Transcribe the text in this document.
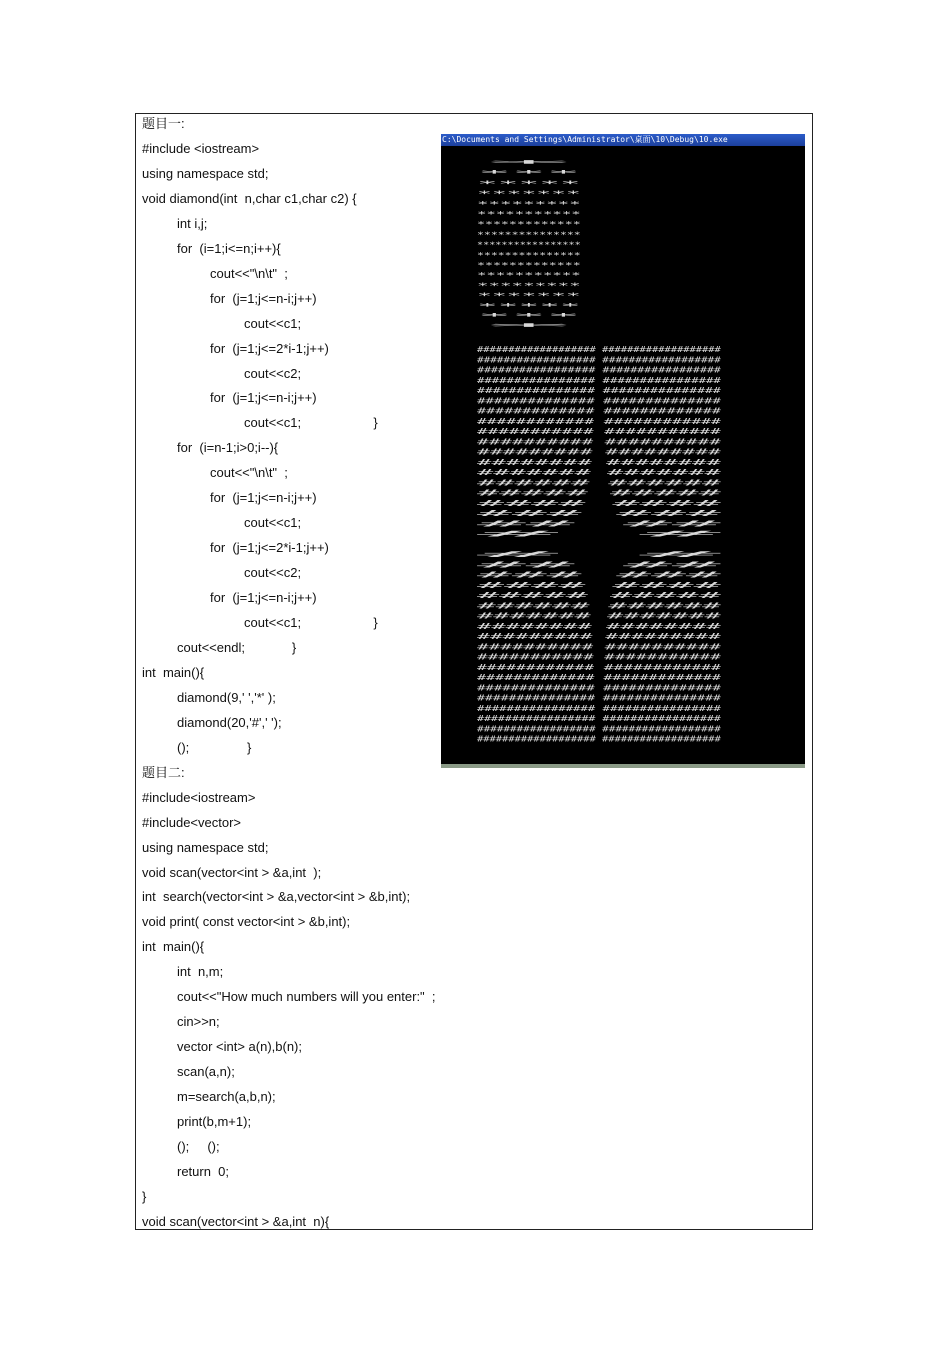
题目一:
#include <iostream>
using namespace std;
void diamond(int  n,char c1,char c2) {
int i,j;
for  (i=1;i<=n;i++){
cout<<"\n\t"  ;
for  (j=1;j<=n-i;j++)
cout<<c1;
for  (j=1;j<=2*i-1;j++)
cout<<c2;
for  (j=1;j<=n-i;j++)
cout<<c1;                    }
for  (i=n-1;i>0;i--){
cout<<"\n\t"  ;
for  (j=1;j<=n-i;j++)
cout<<c1;
for  (j=1;j<=2*i-1;j++)
cout<<c2;
for  (j=1;j<=n-i;j++)
cout<<c1;                    }
cout<<endl;             }
int  main(){
diamond(9,' ','*' );
diamond(20,'#',' ');
();                }
题目二:
#include<iostream>
#include<vector>
using namespace std;
void scan(vector<int > &a,int  );
int  search(vector<int > &a,vector<int > &b,int);
void print( const vector<int > &b,int);
int  main(){
int  n,m;
cout<<"How much numbers will you enter:"  ;
cin>>n;
vector <int> a(n),b(n);
scan(a,n);
m=search(a,b,n);
print(b,m+1);
();     ();
return  0;
}
void scan(vector<int > &a,int  n){
C:\Documents and Settings\Administrator\桌面\10\Debug\10.exe
*
***
*****
*******
*********
***********
*************
***************
*****************
***************
*************
***********
*********
*******
*****
***
*
################### ###################
################## ##################
################# #################
################ ################
############### ###############
############## ##############
############# #############
############ ############
########### ###########
########## ##########
######### #########
######## ########
####### #######
###### ######
##### #####
#### ####
### ###
## ##
# #
# #
## ##
### ###
#### ####
##### #####
###### ######
####### #######
######## ########
######### #########
########## ##########
########### ###########
############ ############
############# #############
############## ##############
############### ###############
################ ################
################# #################
################## ##################
################### ###################
